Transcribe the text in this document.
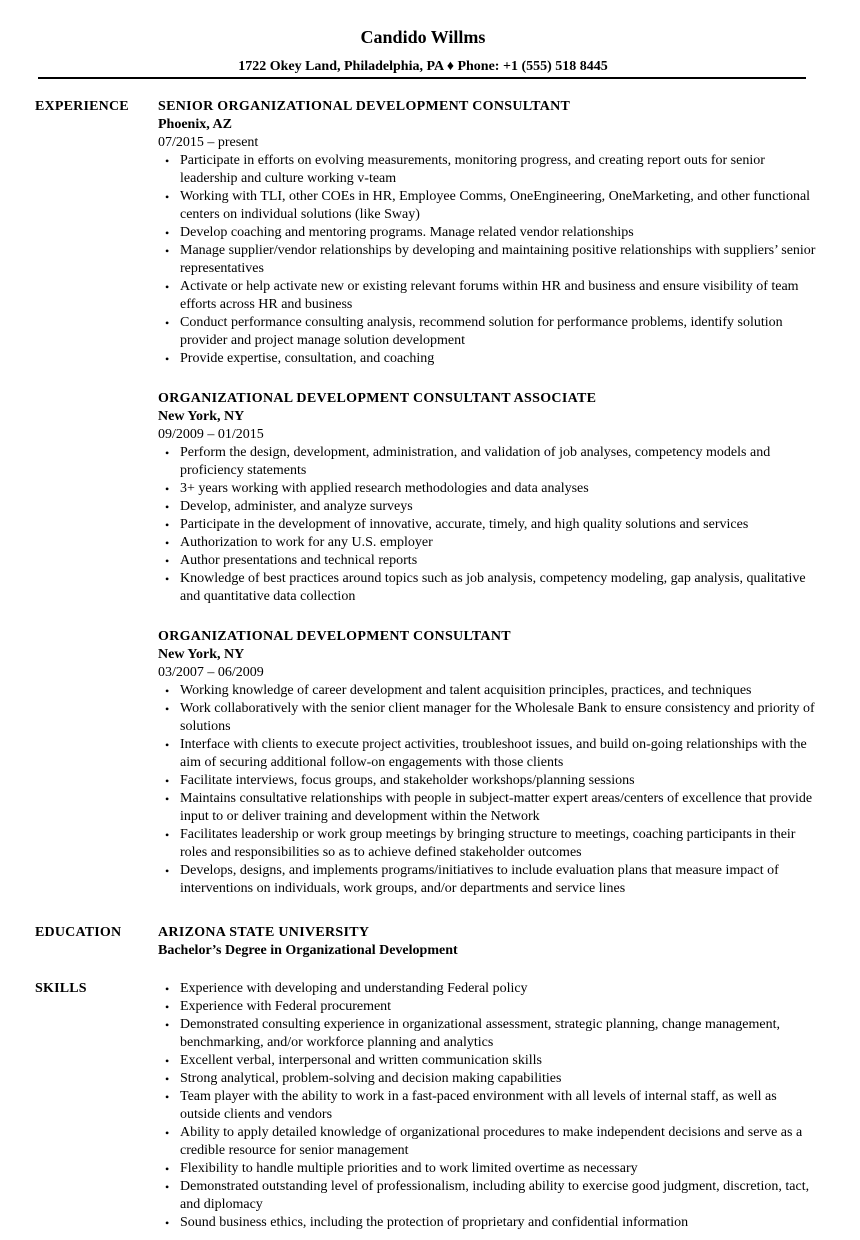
Candido Willms
1722 Okey Land, Philadelphia, PA ♦ Phone: +1 (555) 518 8445
EXPERIENCE SENIOR ORGANIZATIONAL DEVELOPMENT CONSULTANT
Phoenix, AZ
07/2015 – present
• Participate in efforts on evolving measurements, monitoring progress, and creating report outs for senior leadership and culture working v-team
• Working with TLI, other COEs in HR, Employee Comms, OneEngineering, OneMarketing, and other functional centers on individual solutions (like Sway)
• Develop coaching and mentoring programs. Manage related vendor relationships
• Manage supplier/vendor relationships by developing and maintaining positive relationships with suppliers’ senior representatives
• Activate or help activate new or existing relevant forums within HR and business and ensure visibility of team efforts across HR and business
• Conduct performance consulting analysis, recommend solution for performance problems, identify solution provider and project manage solution development
• Provide expertise, consultation, and coaching
ORGANIZATIONAL DEVELOPMENT CONSULTANT ASSOCIATE
New York, NY
09/2009 – 01/2015
• Perform the design, development, administration, and validation of job analyses, competency models and proficiency statements
• 3+ years working with applied research methodologies and data analyses
• Develop, administer, and analyze surveys
• Participate in the development of innovative, accurate, timely, and high quality solutions and services
• Authorization to work for any U.S. employer
• Author presentations and technical reports
• Knowledge of best practices around topics such as job analysis, competency modeling, gap analysis, qualitative and quantitative data collection
ORGANIZATIONAL DEVELOPMENT CONSULTANT
New York, NY
03/2007 – 06/2009
• Working knowledge of career development and talent acquisition principles, practices, and techniques
• Work collaboratively with the senior client manager for the Wholesale Bank to ensure consistency and priority of solutions
• Interface with clients to execute project activities, troubleshoot issues, and build on-going relationships with the aim of securing additional follow-on engagements with those clients
• Facilitate interviews, focus groups, and stakeholder workshops/planning sessions
• Maintains consultative relationships with people in subject-matter expert areas/centers of excellence that provide input to or deliver training and development within the Network
• Facilitates leadership or work group meetings by bringing structure to meetings, coaching participants in their roles and responsibilities so as to achieve defined stakeholder outcomes
• Develops, designs, and implements programs/initiatives to include evaluation plans that measure impact of interventions on individuals, work groups, and/or departments and service lines
EDUCATION	ARIZONA STATE UNIVERSITY
Bachelor’s Degree in Organizational Development
SKILLS	• Experience with developing and understanding Federal policy
• Experience with Federal procurement
• Demonstrated consulting experience in organizational assessment, strategic planning, change management, benchmarking, and/or workforce planning and analytics
• Excellent verbal, interpersonal and written communication skills
• Strong analytical, problem-solving and decision making capabilities
• Team player with the ability to work in a fast-paced environment with all levels of internal staff, as well as outside clients and vendors
• Ability to apply detailed knowledge of organizational procedures to make independent decisions and serve as a credible resource for senior management
• Flexibility to handle multiple priorities and to work limited overtime as necessary
• Demonstrated outstanding level of professionalism, including ability to exercise good judgment, discretion, tact, and diplomacy
• Sound business ethics, including the protection of proprietary and confidential information
